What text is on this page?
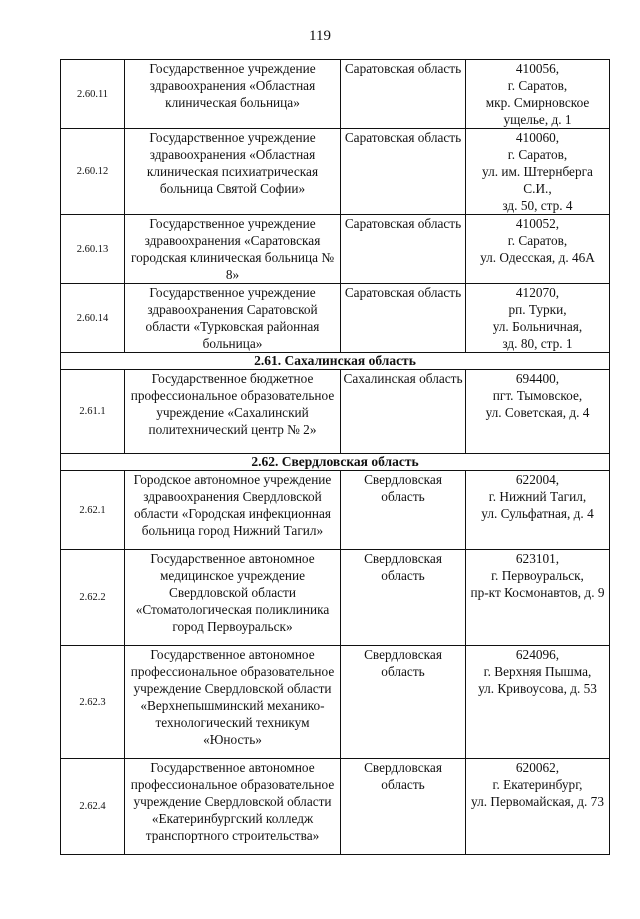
119
2.60.11	Государственное учреждение здравоохранения «Областная клиническая больница»	Саратовская область	410056,
г. Саратов,
мкр. Смирновское ущелье, д. 1
2.60.12	Государственное учреждение здравоохранения «Областная клиническая психиатрическая больница Святой Софии»	Саратовская область	410060,
г. Саратов,
ул. им. Штернберга С.И.,
зд. 50, стр. 4
2.60.13	Государственное учреждение здравоохранения «Саратовская городская клиническая больница № 8»	Саратовская область	410052,
г. Саратов,
ул. Одесская, д. 46А
2.60.14	Государственное учреждение здравоохранения Саратовской области «Турковская районная больница»	Саратовская область	412070,
рп. Турки,
ул. Больничная,
зд. 80, стр. 1
2.61. Сахалинская область			
2.61.1	Государственное бюджетное профессиональное образовательное учреждение «Сахалинский политехнический центр № 2»	Сахалинская область	694400,
пгт. Тымовское,
ул. Советская, д. 4
2.62. Свердловская область			
2.62.1	Городское автономное учреждение здравоохранения Свердловской области «Городская инфекционная больница город Нижний Тагил»	Свердловская область	622004,
г. Нижний Тагил,
ул. Сульфатная, д. 4
2.62.2	Государственное автономное медицинское учреждение Свердловской области «Стоматологическая поликлиника город Первоуральск»	Свердловская область	623101,
г. Первоуральск,
пр-кт Космонавтов, д. 9
2.62.3	Государственное автономное профессиональное образовательное учреждение Свердловской области «Верхнепышминский механико-технологический техникум «Юность»	Свердловская область	624096,
г. Верхняя Пышма,
ул. Кривоусова, д. 53
2.62.4	Государственное автономное профессиональное образовательное учреждение Свердловской области «Екатеринбургский колледж транспортного строительства»	Свердловская область	620062,
г. Екатеринбург,
ул. Первомайская, д. 73
